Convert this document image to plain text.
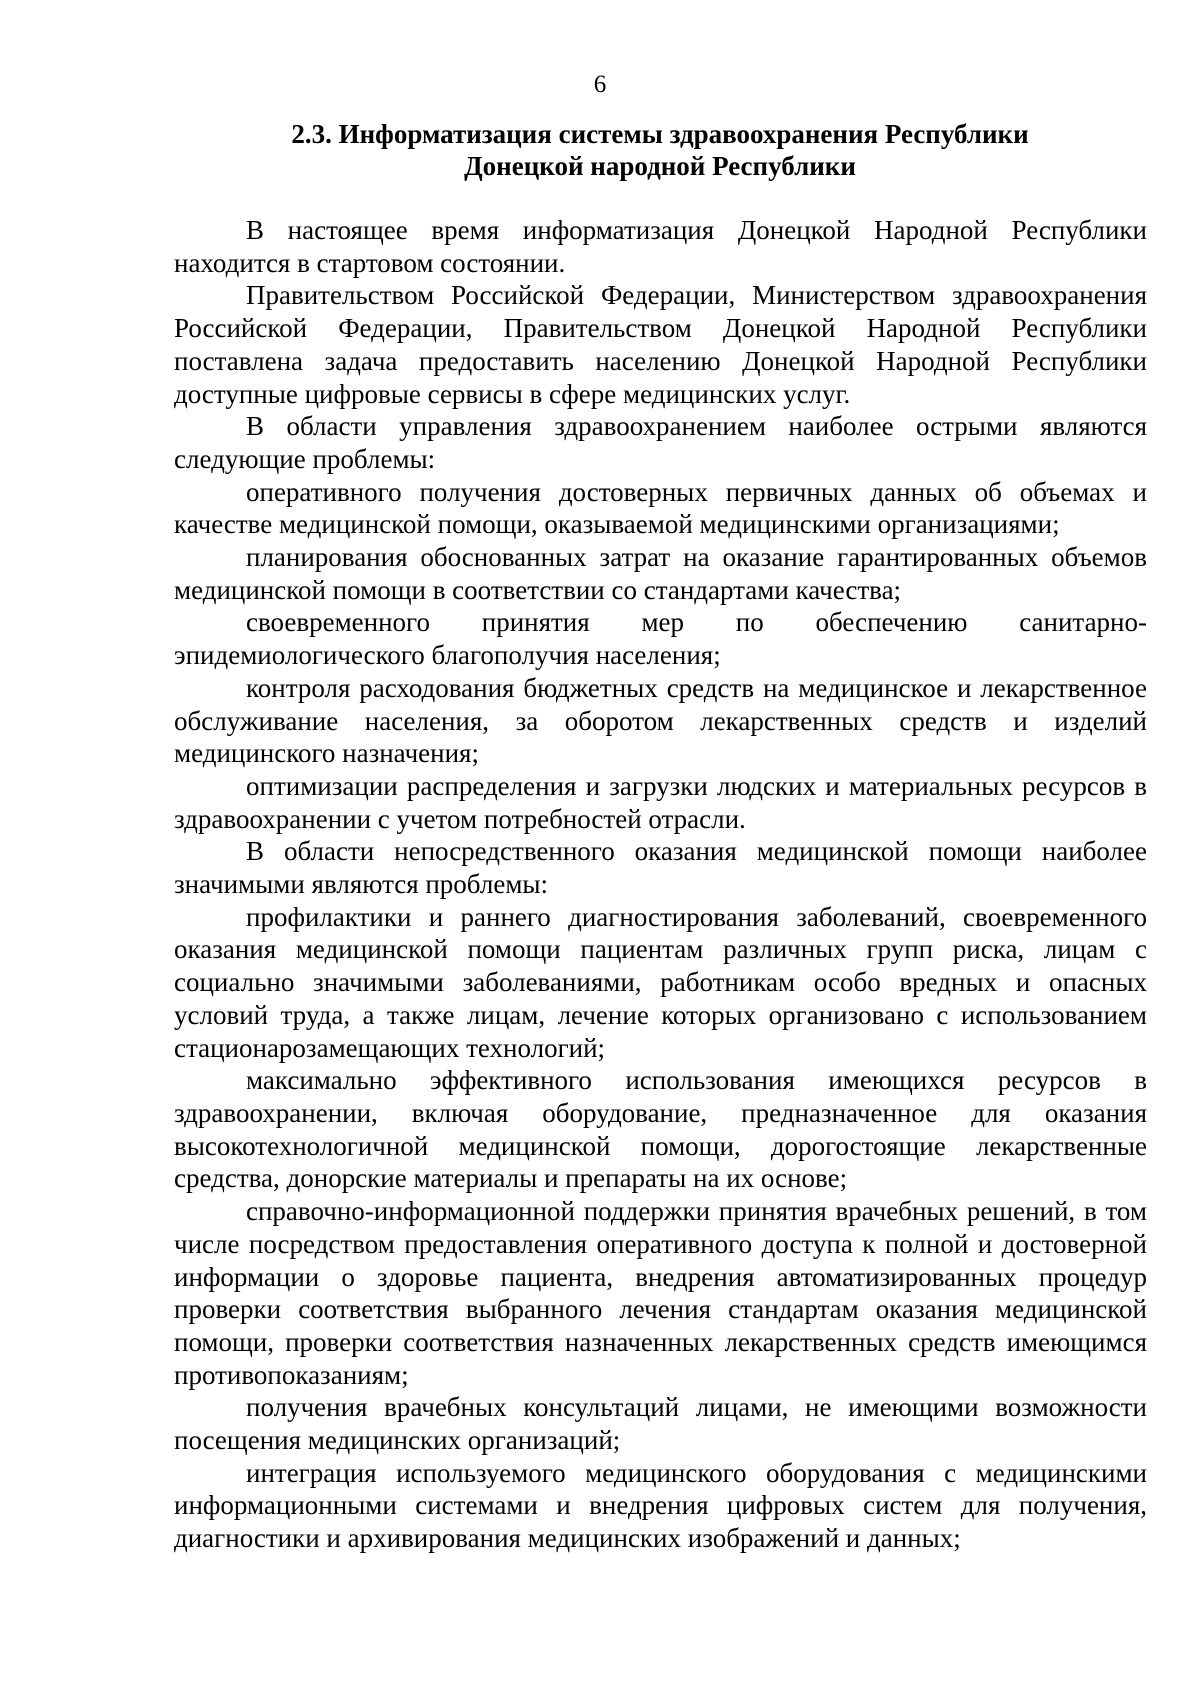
6
2.3. Информатизация системы здравоохранения Республики
Донецкой народной Республики

В настоящее время информатизация Донецкой Народной Республики находится в стартовом состоянии.

Правительством Российской Федерации, Министерством здравоохранения Российской Федерации, Правительством Донецкой Народной Республики поставлена задача предоставить населению Донецкой Народной Республики доступные цифровые сервисы в сфере медицинских услуг.

В области управления здравоохранением наиболее острыми являются следующие проблемы:

оперативного получения достоверных первичных данных об объемах и качестве медицинской помощи, оказываемой медицинскими организациями;

планирования обоснованных затрат на оказание гарантированных объемов медицинской помощи в соответствии со стандартами качества;

своевременного принятия мер по обеспечению санитарно-эпидемиологического благополучия населения;

контроля расходования бюджетных средств на медицинское и лекарственное обслуживание населения, за оборотом лекарственных средств и изделий медицинского назначения;

оптимизации распределения и загрузки людских и материальных ресурсов в здравоохранении с учетом потребностей отрасли.

В области непосредственного оказания медицинской помощи наиболее значимыми являются проблемы:

профилактики и раннего диагностирования заболеваний, своевременного оказания медицинской помощи пациентам различных групп риска, лицам с социально значимыми заболеваниями, работникам особо вредных и опасных условий труда, а также лицам, лечение которых организовано с использованием стационарозамещающих технологий;

максимально эффективного использования имеющихся ресурсов в здравоохранении, включая оборудование, предназначенное для оказания высокотехнологичной медицинской помощи, дорогостоящие лекарственные средства, донорские материалы и препараты на их основе;

справочно-информационной поддержки принятия врачебных решений, в том числе посредством предоставления оперативного доступа к полной и достоверной информации о здоровье пациента, внедрения автоматизированных процедур проверки соответствия выбранного лечения стандартам оказания медицинской помощи, проверки соответствия назначенных лекарственных средств имеющимся противопоказаниям;

получения врачебных консультаций лицами, не имеющими возможности посещения медицинских организаций;

интеграция используемого медицинского оборудования с медицинскими информационными системами и внедрения цифровых систем для получения, диагностики и архивирования медицинских изображений и данных;
